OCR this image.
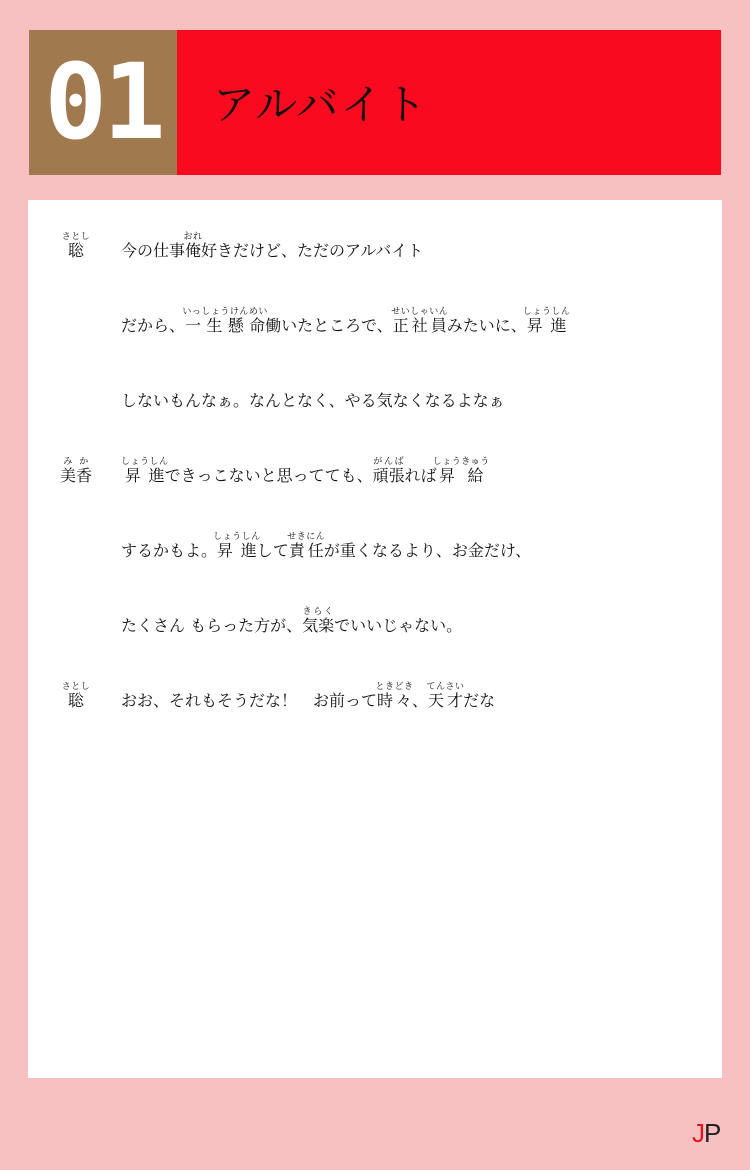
01	アルバイト
聡さとし
今の仕事俺おれ好きだけど、ただのアルバイト
だから、一生懸命いっしょうけんめい働いたところで、正社員せいしゃいんみたいに、昇進しょうしん
しないもんなぁ。なんとなく、やる気なくなるよなぁ
美香みか
昇進しょうしんできっこないと思ってても、頑張がんばれば昇給しょうきゅう
するかもよ。昇進しょうしんして責任せきにんが重くなるより、お金だけ、
たくさん もらった方が、気楽きらくでいいじゃない。
聡さとし
おお、それもそうだな！　お前って時々ときどき、天才てんさいだな
JP
